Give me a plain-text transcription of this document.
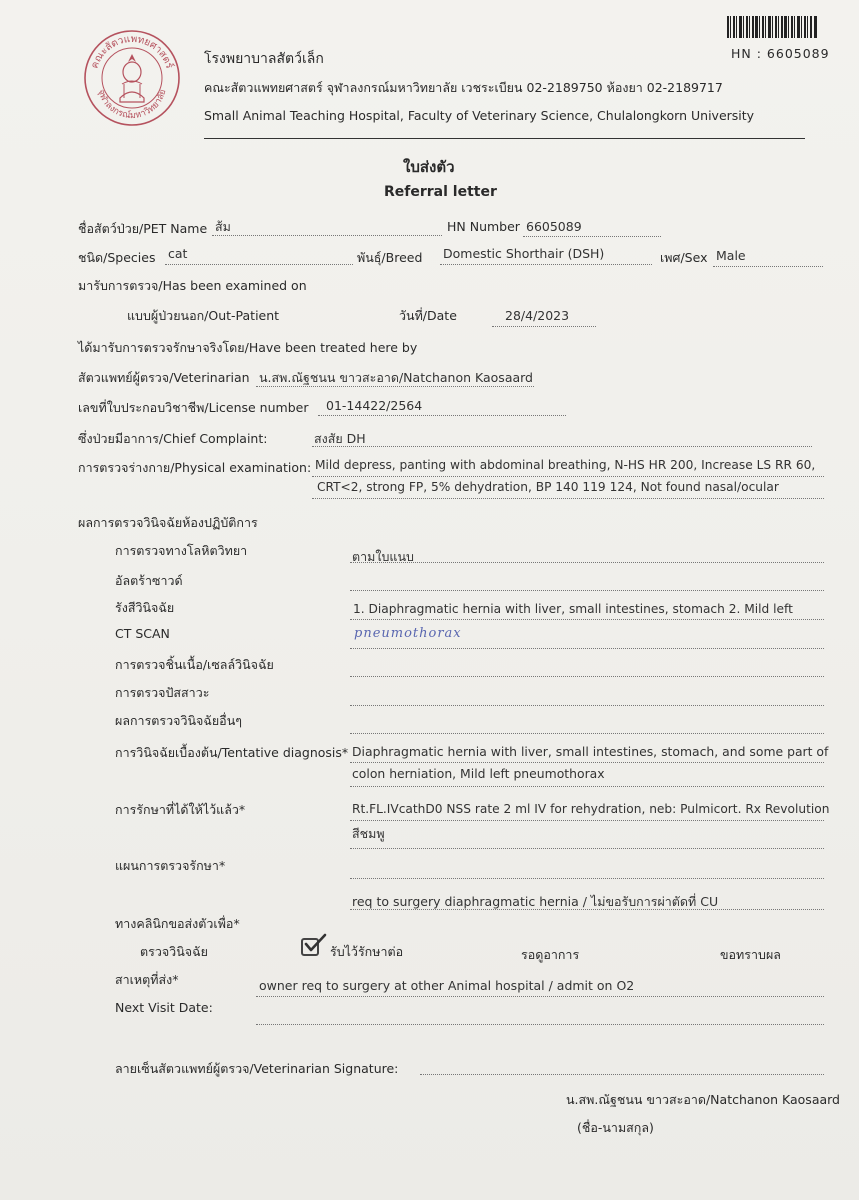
คณะสัตวแพทยศาสตร์
จุฬาลงกรณ์มหาวิทยาลัย
โรงพยาบาลสัตว์เล็ก
คณะสัตวแพทยศาสตร์ จุฬาลงกรณ์มหาวิทยาลัย เวชระเบียน 02-2189750 ห้องยา 02-2189717
Small Animal Teaching Hospital, Faculty of Veterinary Science, Chulalongkorn University
HN : 6605089
ใบส่งตัว
Referral letter
ชื่อสัตว์ป่วย/PET Name ส้ม	HN Number 6605089
ชนิด/Species cat	พันธุ์/Breed Domestic Shorthair (DSH)	เพศ/Sex Male
มารับการตรวจ/Has been examined on
แบบผู้ป่วยนอก/Out-Patient	วันที่/Date	28/4/2023
ได้มารับการตรวจรักษาจริงโดย/Have been treated here by
สัตวแพทย์ผู้ตรวจ/Veterinarian น.สพ.ณัฐชนน ขาวสะอาด/Natchanon Kaosaard
เลขที่ใบประกอบวิชาชีพ/License number 01-14422/2564
ซึ่งป่วยมีอาการ/Chief Complaint:	สงสัย DH
การตรวจร่างกาย/Physical examination: Mild depress, panting with abdominal breathing, N-HS HR 200, Increase LS RR 60,
CRT<2, strong FP, 5% dehydration, BP 140 119 124, Not found nasal/ocular
ผลการตรวจวินิจฉัยห้องปฏิบัติการ
การตรวจทางโลหิตวิทยา	ตามใบแนบ
อัลตร้าซาวด์
รังสีวินิจฉัย	1. Diaphragmatic hernia with liver, small intestines, stomach 2. Mild left
CT SCAN	pneumothorax
การตรวจชิ้นเนื้อ/เซลล์วินิจฉัย
การตรวจปัสสาวะ
ผลการตรวจวินิจฉัยอื่นๆ
การวินิจฉัยเบื้องต้น/Tentative diagnosis* Diaphragmatic hernia with liver, small intestines, stomach, and some part of
colon herniation, Mild left pneumothorax
การรักษาที่ได้ให้ไว้แล้ว*	Rt.FL.IVcathD0 NSS rate 2 ml IV for rehydration, neb: Pulmicort. Rx Revolution
สีชมพู
แผนการตรวจรักษา*
req to surgery diaphragmatic hernia / ไม่ขอรับการผ่าตัดที่ CU
ทางคลินิกขอส่งตัวเพื่อ*
ตรวจวินิจฉัย	รับไว้รักษาต่อ	รอดูอาการ	ขอทราบผล
สาเหตุที่ส่ง*	owner req to surgery at other Animal hospital / admit on O2
Next Visit Date:
ลายเซ็นสัตวแพทย์ผู้ตรวจ/Veterinarian Signature:
น.สพ.ณัฐชนน ขาวสะอาด/Natchanon Kaosaard
(ชื่อ-นามสกุล)
